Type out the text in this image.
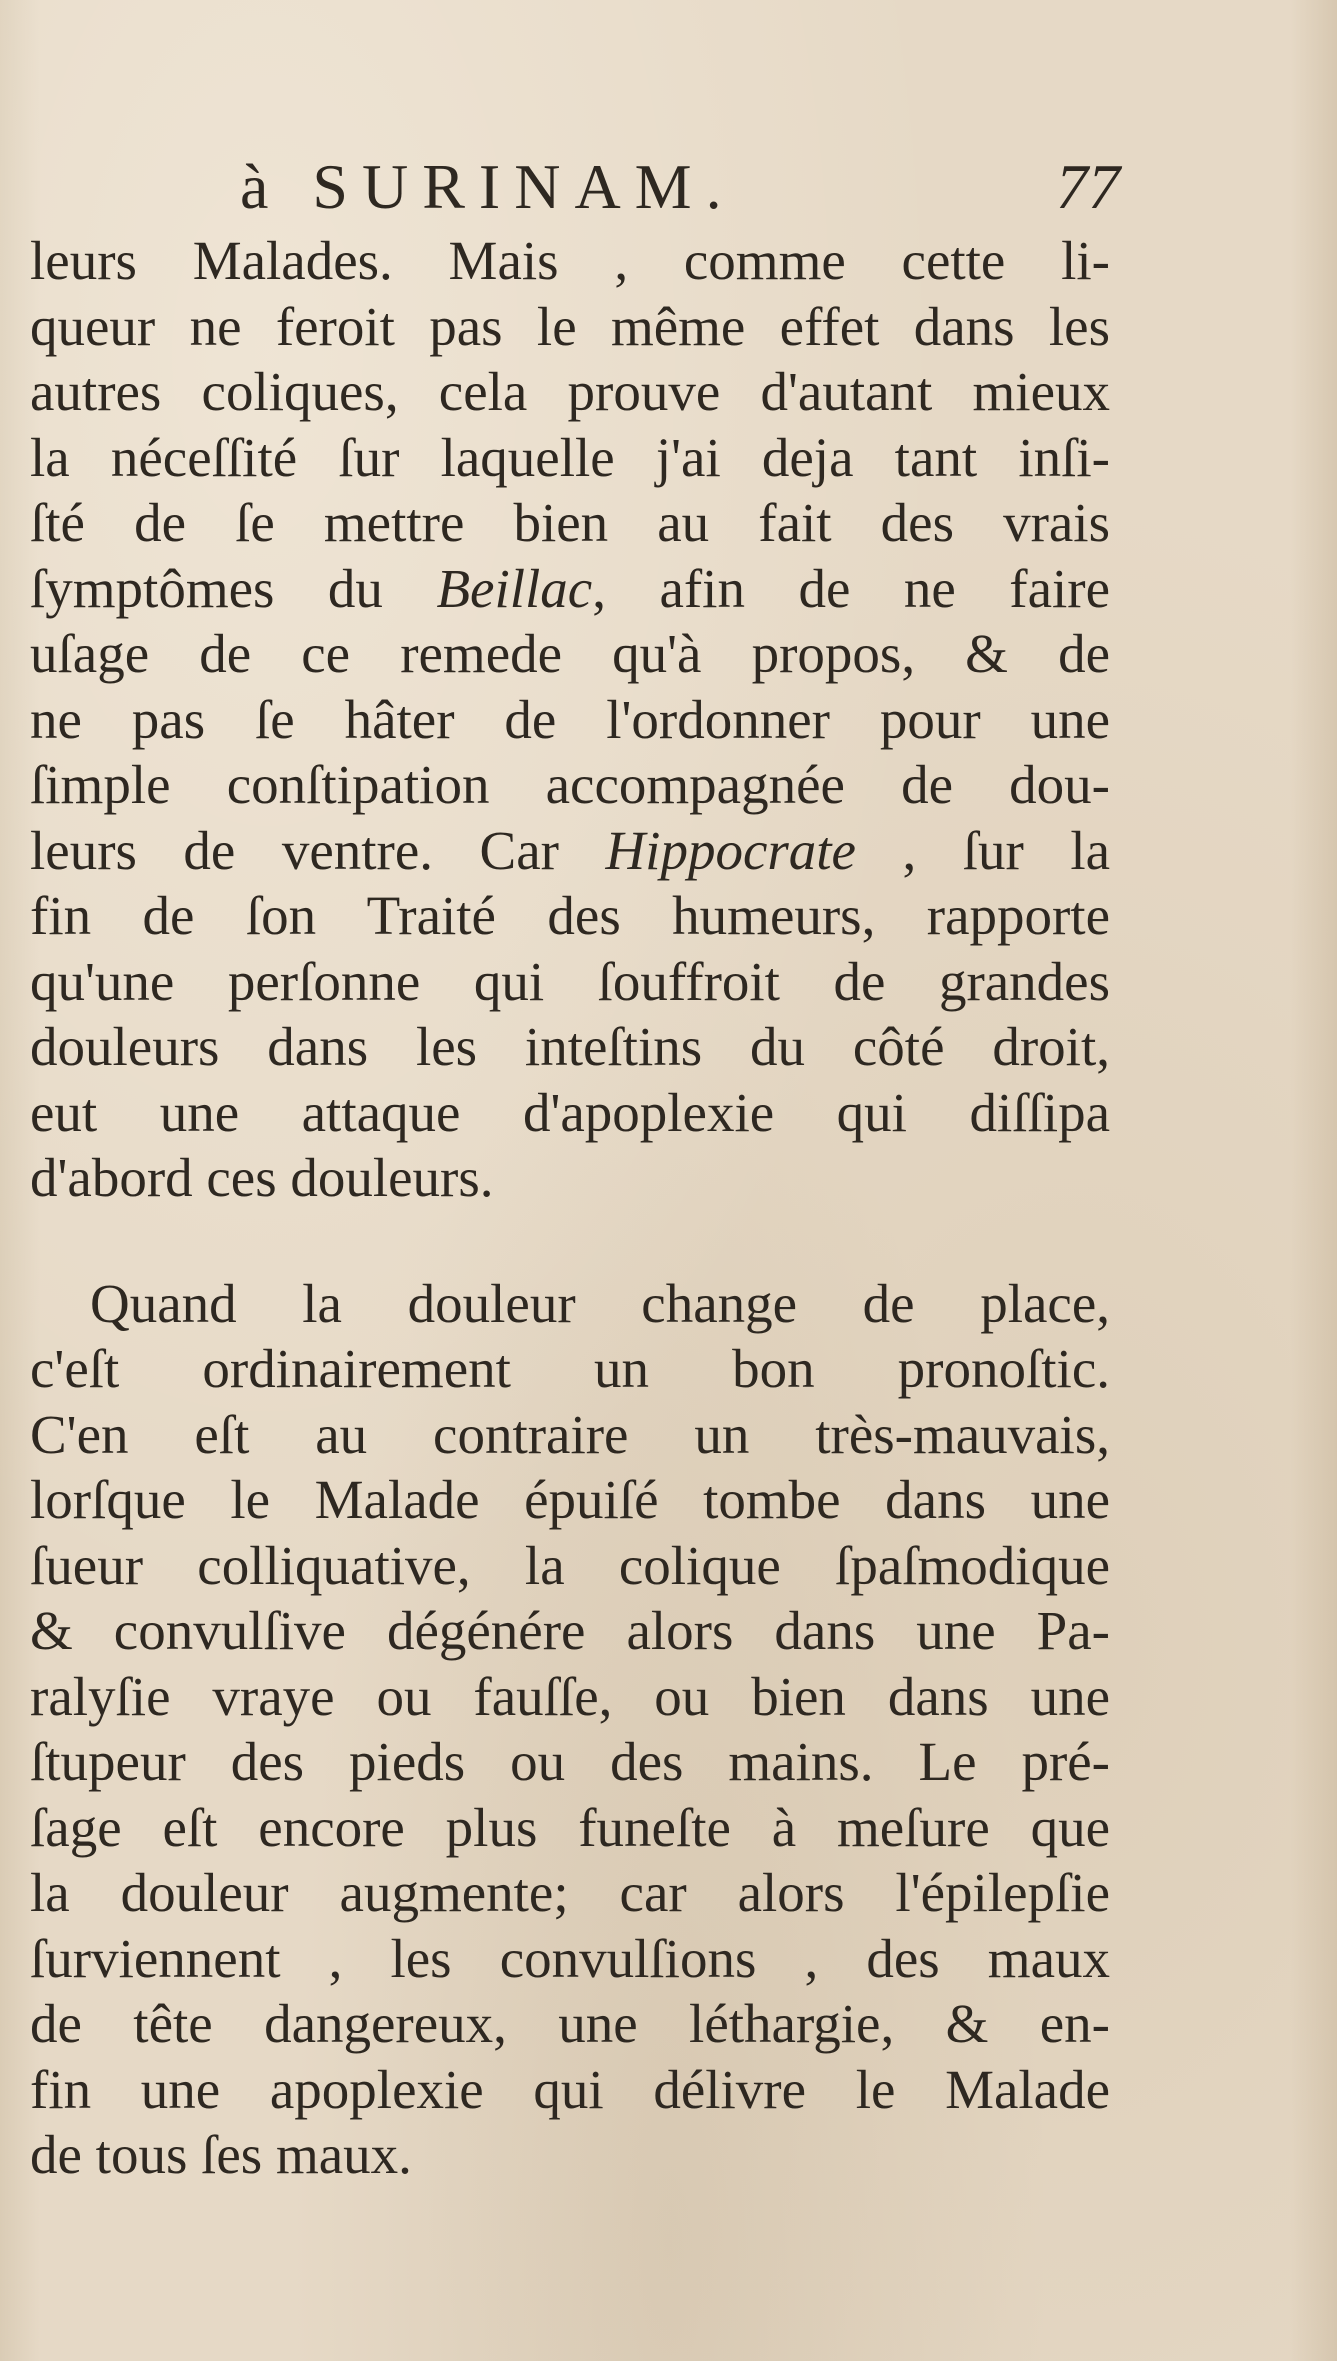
à SURINAM.	77
leurs Malades. Mais , comme cette li-
queur ne feroit pas le même effet dans les
autres coliques, cela prouve d'autant mieux
la néceſſité ſur laquelle j'ai deja tant inſi-
ſté de ſe mettre bien au fait des vrais
ſymptômes du Beillac, afin de ne faire
uſage de ce remede qu'à propos, & de
ne pas ſe hâter de l'ordonner pour une
ſimple conſtipation accompagnée de dou-
leurs de ventre. Car Hippocrate , ſur la
fin de ſon Traité des humeurs, rapporte
qu'une perſonne qui ſouffroit de grandes
douleurs dans les inteſtins du côté droit,
eut une attaque d'apoplexie qui diſſipa
d'abord ces douleurs.
Quand la douleur change de place,
c'eſt ordinairement un bon pronoſtic.
C'en eſt au contraire un très-mauvais,
lorſque le Malade épuiſé tombe dans une
ſueur colliquative, la colique ſpaſmodique
& convulſive dégénére alors dans une Pa-
ralyſie vraye ou fauſſe, ou bien dans une
ſtupeur des pieds ou des mains. Le pré-
ſage eſt encore plus funeſte à meſure que
la douleur augmente; car alors l'épilepſie
ſurviennent , les convulſions , des maux
de tête dangereux, une léthargie, & en-
fin une apoplexie qui délivre le Malade
de tous ſes maux.
